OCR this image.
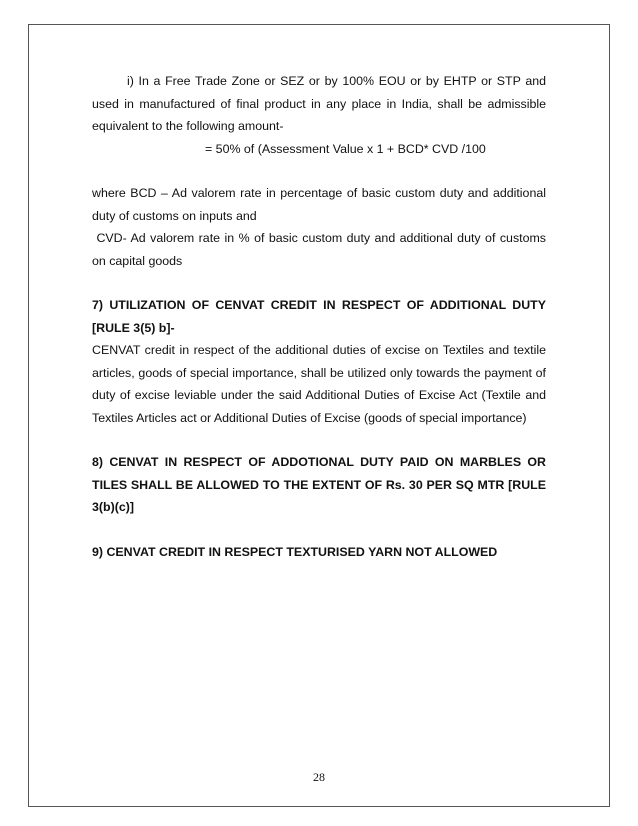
i) In a Free Trade Zone or SEZ or by 100% EOU or by EHTP or STP and used in manufactured of final product in any place in India, shall be admissible equivalent to the following amount-

= 50% of (Assessment Value x 1 + BCD* CVD /100

where BCD – Ad valorem rate in percentage of basic custom duty and additional duty of customs on inputs and

CVD- Ad valorem rate in % of basic custom duty and additional duty of customs on capital goods

7) UTILIZATION OF CENVAT CREDIT IN RESPECT OF ADDITIONAL DUTY [RULE 3(5) b]-

CENVAT credit in respect of the additional duties of excise on Textiles and textile articles, goods of special importance, shall be utilized only towards the payment of duty of excise leviable under the said Additional Duties of Excise Act (Textile and Textiles Articles act or Additional Duties of Excise (goods of special importance)

8) CENVAT IN RESPECT OF ADDOTIONAL DUTY PAID ON MARBLES OR TILES SHALL BE ALLOWED TO THE EXTENT OF Rs. 30 PER SQ MTR [RULE 3(b)(c)]

9) CENVAT CREDIT IN RESPECT TEXTURISED YARN NOT ALLOWED

28
